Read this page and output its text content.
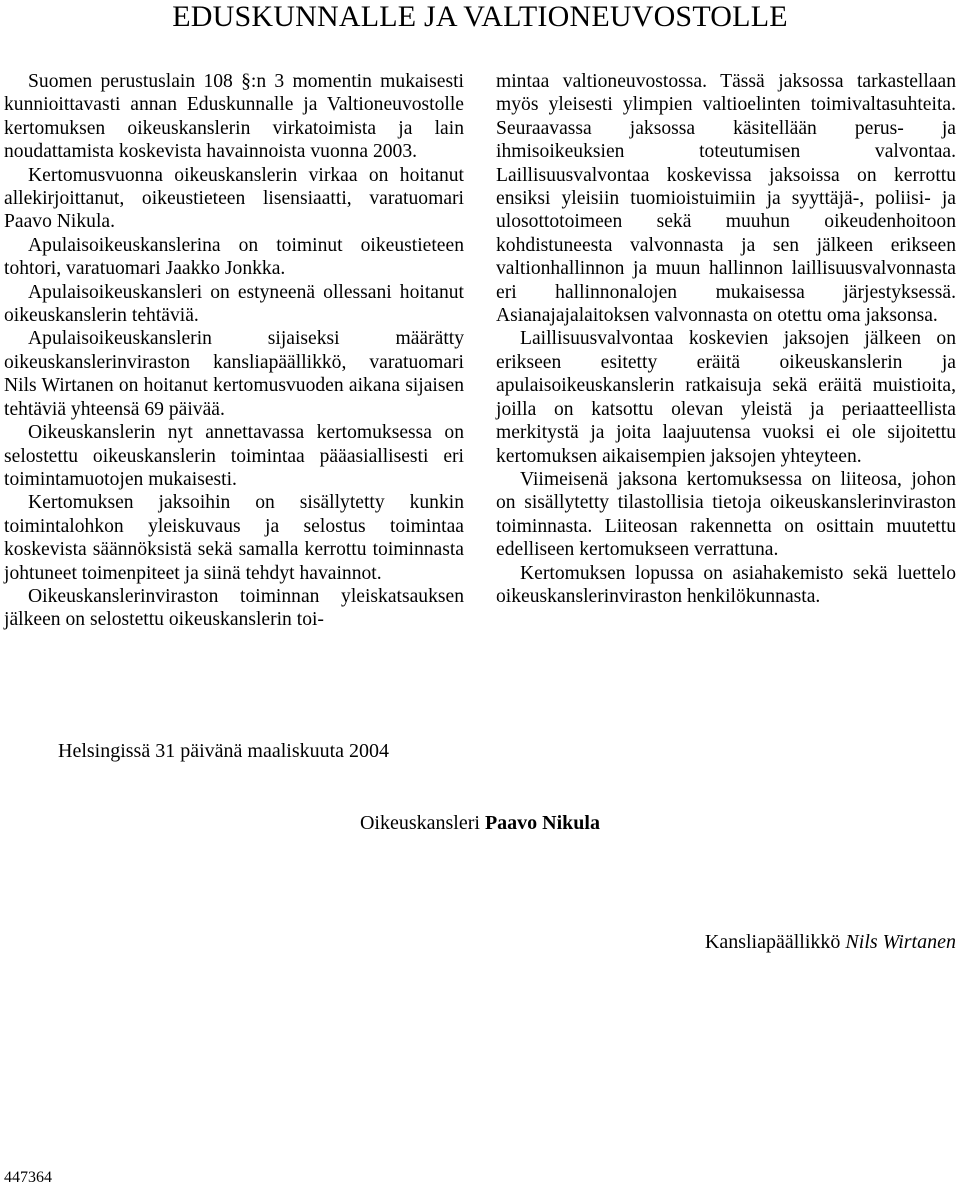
EDUSKUNNALLE JA VALTIONEUVOSTOLLE

Suomen perustuslain 108 §:n 3 momentin mukaisesti kunnioittavasti annan Eduskunnalle ja Valtioneuvostolle kertomuksen oikeuskanslerin virkatoimista ja lain noudattamista koskevista havainnoista vuonna 2003.

Kertomusvuonna oikeuskanslerin virkaa on hoitanut allekirjoittanut, oikeustieteen lisensiaatti, varatuomari Paavo Nikula.

Apulaisoikeuskanslerina on toiminut oikeustieteen tohtori, varatuomari Jaakko Jonkka.

Apulaisoikeuskansleri on estyneenä ollessani hoitanut oikeuskanslerin tehtäviä.

Apulaisoikeuskanslerin sijaiseksi määrätty oikeuskanslerinviraston kansliapäällikkö, varatuomari Nils Wirtanen on hoitanut kertomusvuoden aikana sijaisen tehtäviä yhteensä 69 päivää.

Oikeuskanslerin nyt annettavassa kertomuksessa on selostettu oikeuskanslerin toimintaa pääasiallisesti eri toimintamuotojen mukaisesti.

Kertomuksen jaksoihin on sisällytetty kunkin toimintalohkon yleiskuvaus ja selostus toimintaa koskevista säännöksistä sekä samalla kerrottu toiminnasta johtuneet toimenpiteet ja siinä tehdyt havainnot.

Oikeuskanslerinviraston toiminnan yleiskatsauksen jälkeen on selostettu oikeuskanslerin toi-

mintaa valtioneuvostossa. Tässä jaksossa tarkastellaan myös yleisesti ylimpien valtioelinten toimivaltasuhteita. Seuraavassa jaksossa käsitellään perus- ja ihmisoikeuksien toteutumisen valvontaa. Laillisuusvalvontaa koskevissa jaksoissa on kerrottu ensiksi yleisiin tuomioistuimiin ja syyttäjä-, poliisi- ja ulosottotoimeen sekä muuhun oikeudenhoitoon kohdistuneesta valvonnasta ja sen jälkeen erikseen valtionhallinnon ja muun hallinnon laillisuusvalvonnasta eri hallinnonalojen mukaisessa järjestyksessä. Asianajajalaitoksen valvonnasta on otettu oma jaksonsa.

Laillisuusvalvontaa koskevien jaksojen jälkeen on erikseen esitetty eräitä oikeuskanslerin ja apulaisoikeuskanslerin ratkaisuja sekä eräitä muistioita, joilla on katsottu olevan yleistä ja periaatteellista merkitystä ja joita laajuutensa vuoksi ei ole sijoitettu kertomuksen aikaisempien jaksojen yhteyteen.

Viimeisenä jaksona kertomuksessa on liiteosa, johon on sisällytetty tilastollisia tietoja oikeuskanslerinviraston toiminnasta. Liiteosan rakennetta on osittain muutettu edelliseen kertomukseen verrattuna.

Kertomuksen lopussa on asiahakemisto sekä luettelo oikeuskanslerinviraston henkilökunnasta.

Helsingissä 31 päivänä maaliskuuta 2004

Oikeuskansleri Paavo Nikula

Kansliapäällikkö Nils Wirtanen

447364
